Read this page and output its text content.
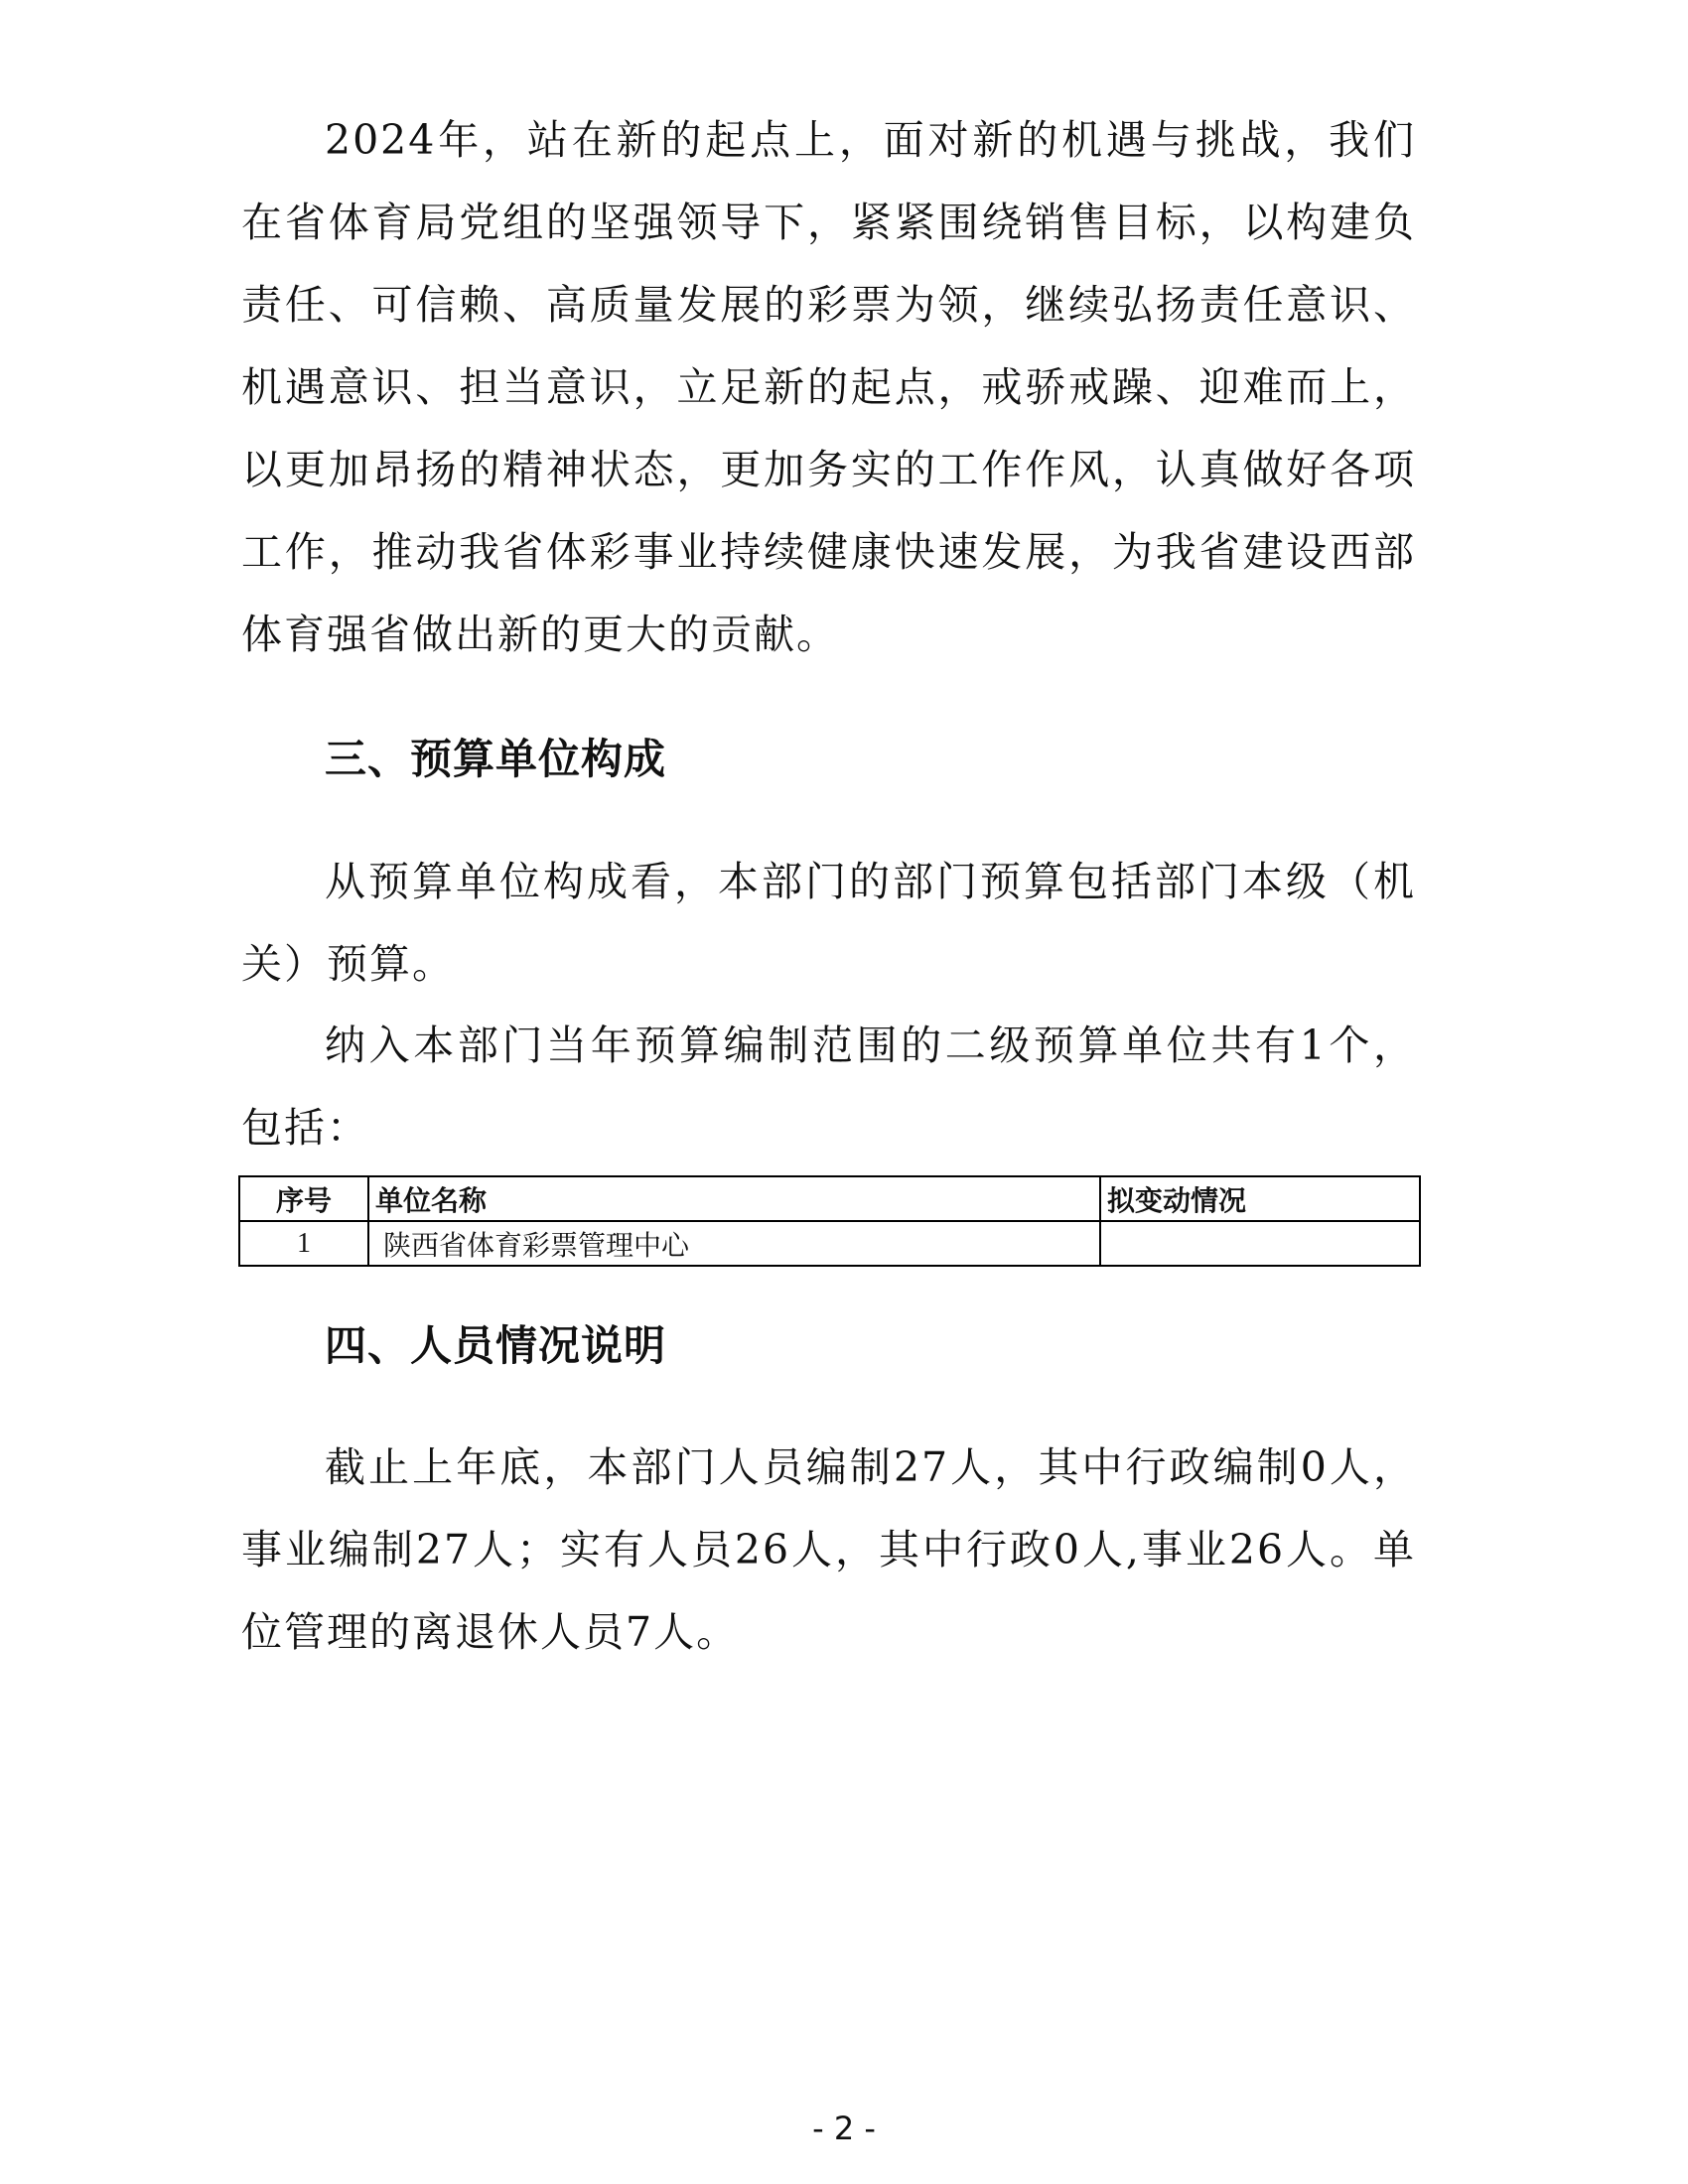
2024年，站在新的起点上，面对新的机遇与挑战，我们在省体育局党组的坚强领导下，紧紧围绕销售目标，以构建负责任、可信赖、高质量发展的彩票为领，继续弘扬责任意识、机遇意识、担当意识，立足新的起点，戒骄戒躁、迎难而上，以更加昂扬的精神状态，更加务实的工作作风，认真做好各项工作，推动我省体彩事业持续健康快速发展，为我省建设西部体育强省做出新的更大的贡献。

三、预算单位构成

从预算单位构成看，本部门的部门预算包括部门本级（机关）预算。

纳入本部门当年预算编制范围的二级预算单位共有1个，包括：

序号	单位名称	拟变动情况
1	陕西省体育彩票管理中心	
四、人员情况说明

截止上年底，本部门人员编制27人，其中行政编制0人，事业编制27人；实有人员26人，其中行政0人,事业26人。单位管理的离退休人员7人。

- 2 -
